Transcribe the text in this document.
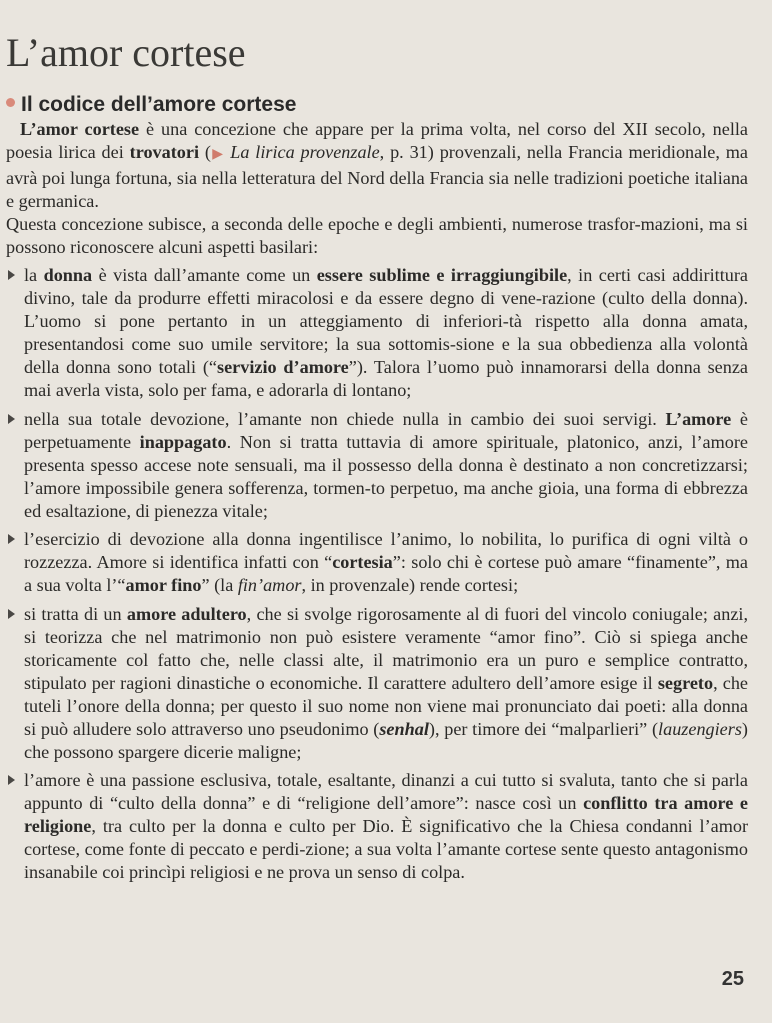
L’amor cortese
Il codice dell’amore cortese

L’amor cortese è una concezione che appare per la prima volta, nel corso del XII secolo, nella poesia lirica dei trovatori (▶ La lirica provenzale, p. 31) provenzali, nella Francia meridionale, ma avrà poi lunga fortuna, sia nella letteratura del Nord della Francia sia nelle tradizioni poetiche italiana e germanica.

Questa concezione subisce, a seconda delle epoche e degli ambienti, numerose trasfor-mazioni, ma si possono riconoscere alcuni aspetti basilari:

la donna è vista dall’amante come un essere sublime e irraggiungibile, in certi casi addirittura divino, tale da produrre effetti miracolosi e da essere degno di vene-razione (culto della donna). L’uomo si pone pertanto in un atteggiamento di inferiori-tà rispetto alla donna amata, presentandosi come suo umile servitore; la sua sottomis-sione e la sua obbedienza alla volontà della donna sono totali (“servizio d’amore”). Talora l’uomo può innamorarsi della donna senza mai averla vista, solo per fama, e adorarla di lontano;
nella sua totale devozione, l’amante non chiede nulla in cambio dei suoi servigi. L’amore è perpetuamente inappagato. Non si tratta tuttavia di amore spirituale, platonico, anzi, l’amore presenta spesso accese note sensuali, ma il possesso della donna è destinato a non concretizzarsi; l’amore impossibile genera sofferenza, tormen-to perpetuo, ma anche gioia, una forma di ebbrezza ed esaltazione, di pienezza vitale;
l’esercizio di devozione alla donna ingentilisce l’animo, lo nobilita, lo purifica di ogni viltà o rozzezza. Amore si identifica infatti con “cortesia”: solo chi è cortese può amare “finamente”, ma a sua volta l’“amor fino” (la fin’amor, in provenzale) rende cortesi;
si tratta di un amore adultero, che si svolge rigorosamente al di fuori del vincolo coniugale; anzi, si teorizza che nel matrimonio non può esistere veramente “amor fino”. Ciò si spiega anche storicamente col fatto che, nelle classi alte, il matrimonio era un puro e semplice contratto, stipulato per ragioni dinastiche o economiche. Il carattere adultero dell’amore esige il segreto, che tuteli l’onore della donna; per questo il suo nome non viene mai pronunciato dai poeti: alla donna si può alludere solo attraverso uno pseudonimo (senhal), per timore dei “malparlieri” (lauzengiers) che possono spargere dicerie maligne;
l’amore è una passione esclusiva, totale, esaltante, dinanzi a cui tutto si svaluta, tanto che si parla appunto di “culto della donna” e di “religione dell’amore”: nasce così un conflitto tra amore e religione, tra culto per la donna e culto per Dio. È significativo che la Chiesa condanni l’amor cortese, come fonte di peccato e perdi-zione; a sua volta l’amante cortese sente questo antagonismo insanabile coi princìpi religiosi e ne prova un senso di colpa.
25
